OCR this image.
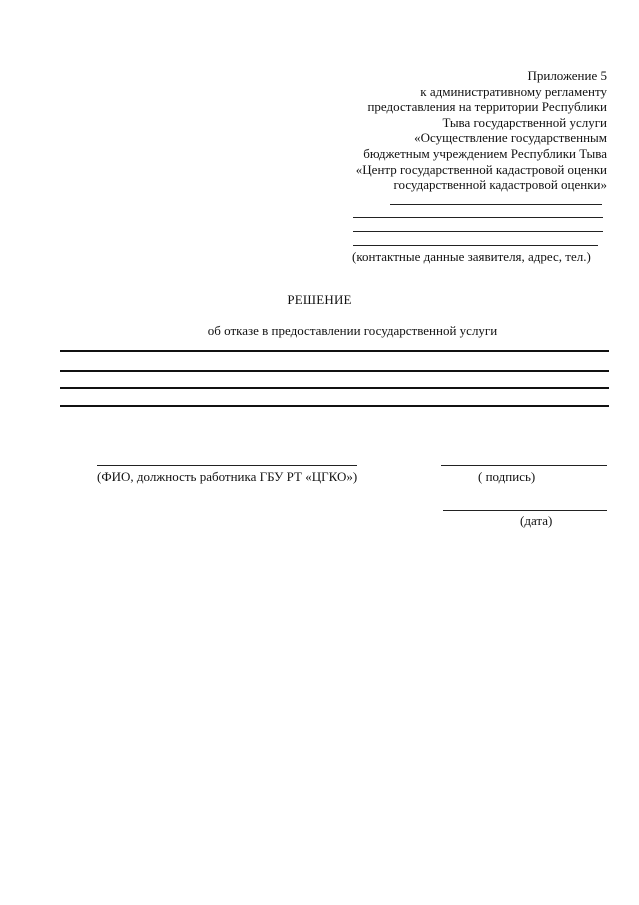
Приложение 5
к административному регламенту
предоставления на территории Республики
Тыва государственной услуги
«Осуществление государственным
бюджетным учреждением Республики Тыва
«Центр государственной кадастровой оценки
государственной кадастровой оценки»
(контактные данные заявителя, адрес, тел.)
РЕШЕНИЕ
об отказе в предоставлении государственной услуги
(ФИО, должность работника ГБУ РТ «ЦГКО»)	( подпись)
(дата)
